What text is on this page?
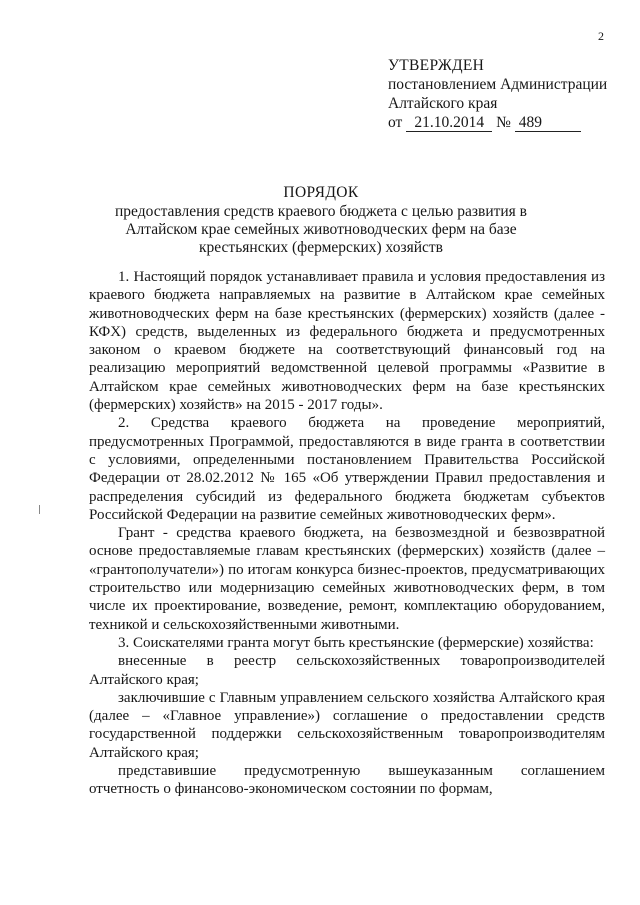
2
УТВЕРЖДЕН
постановлением Администрации
Алтайского края
от 21.10.2014 № 489
ПОРЯДОК
предоставления средств краевого бюджета с целью развития в Алтайском крае семейных животноводческих ферм на базе крестьянских (фермерских) хозяйств

1. Настоящий порядок устанавливает правила и условия предоставления из краевого бюджета направляемых на развитие в Алтайском крае семейных животноводческих ферм на базе крестьянских (фермерских) хозяйств (далее - КФХ) средств, выделенных из федерального бюджета и предусмотренных законом о краевом бюджете на соответствующий финансовый год на реализацию мероприятий ведомственной целевой программы «Развитие в Алтайском крае семейных животноводческих ферм на базе крестьянских (фермерских) хозяйств» на 2015 - 2017 годы».

2. Средства краевого бюджета на проведение мероприятий, предусмотренных Программой, предоставляются в виде гранта в соответствии с условиями, определенными постановлением Правительства Российской Федерации от 28.02.2012 № 165 «Об утверждении Правил предоставления и распределения субсидий из федерального бюджета бюджетам субъектов Российской Федерации на развитие семейных животноводческих ферм».

Грант - средства краевого бюджета, на безвозмездной и безвозвратной основе предоставляемые главам крестьянских (фермерских) хозяйств (далее – «грантополучатели») по итогам конкурса бизнес-проектов, предусматривающих строительство или модернизацию семейных животноводческих ферм, в том числе их проектирование, возведение, ремонт, комплектацию оборудованием, техникой и сельскохозяйственными животными.

3. Соискателями гранта могут быть крестьянские (фермерские) хозяйства:

внесенные в реестр сельскохозяйственных товаропроизводителей Алтайского края;

заключившие с Главным управлением сельского хозяйства Алтайского края (далее – «Главное управление») соглашение о предоставлении средств государственной поддержки сельскохозяйственным товаропроизводителям Алтайского края;

представившие предусмотренную вышеуказанным соглашением отчетность о финансово-экономическом состоянии по формам,
